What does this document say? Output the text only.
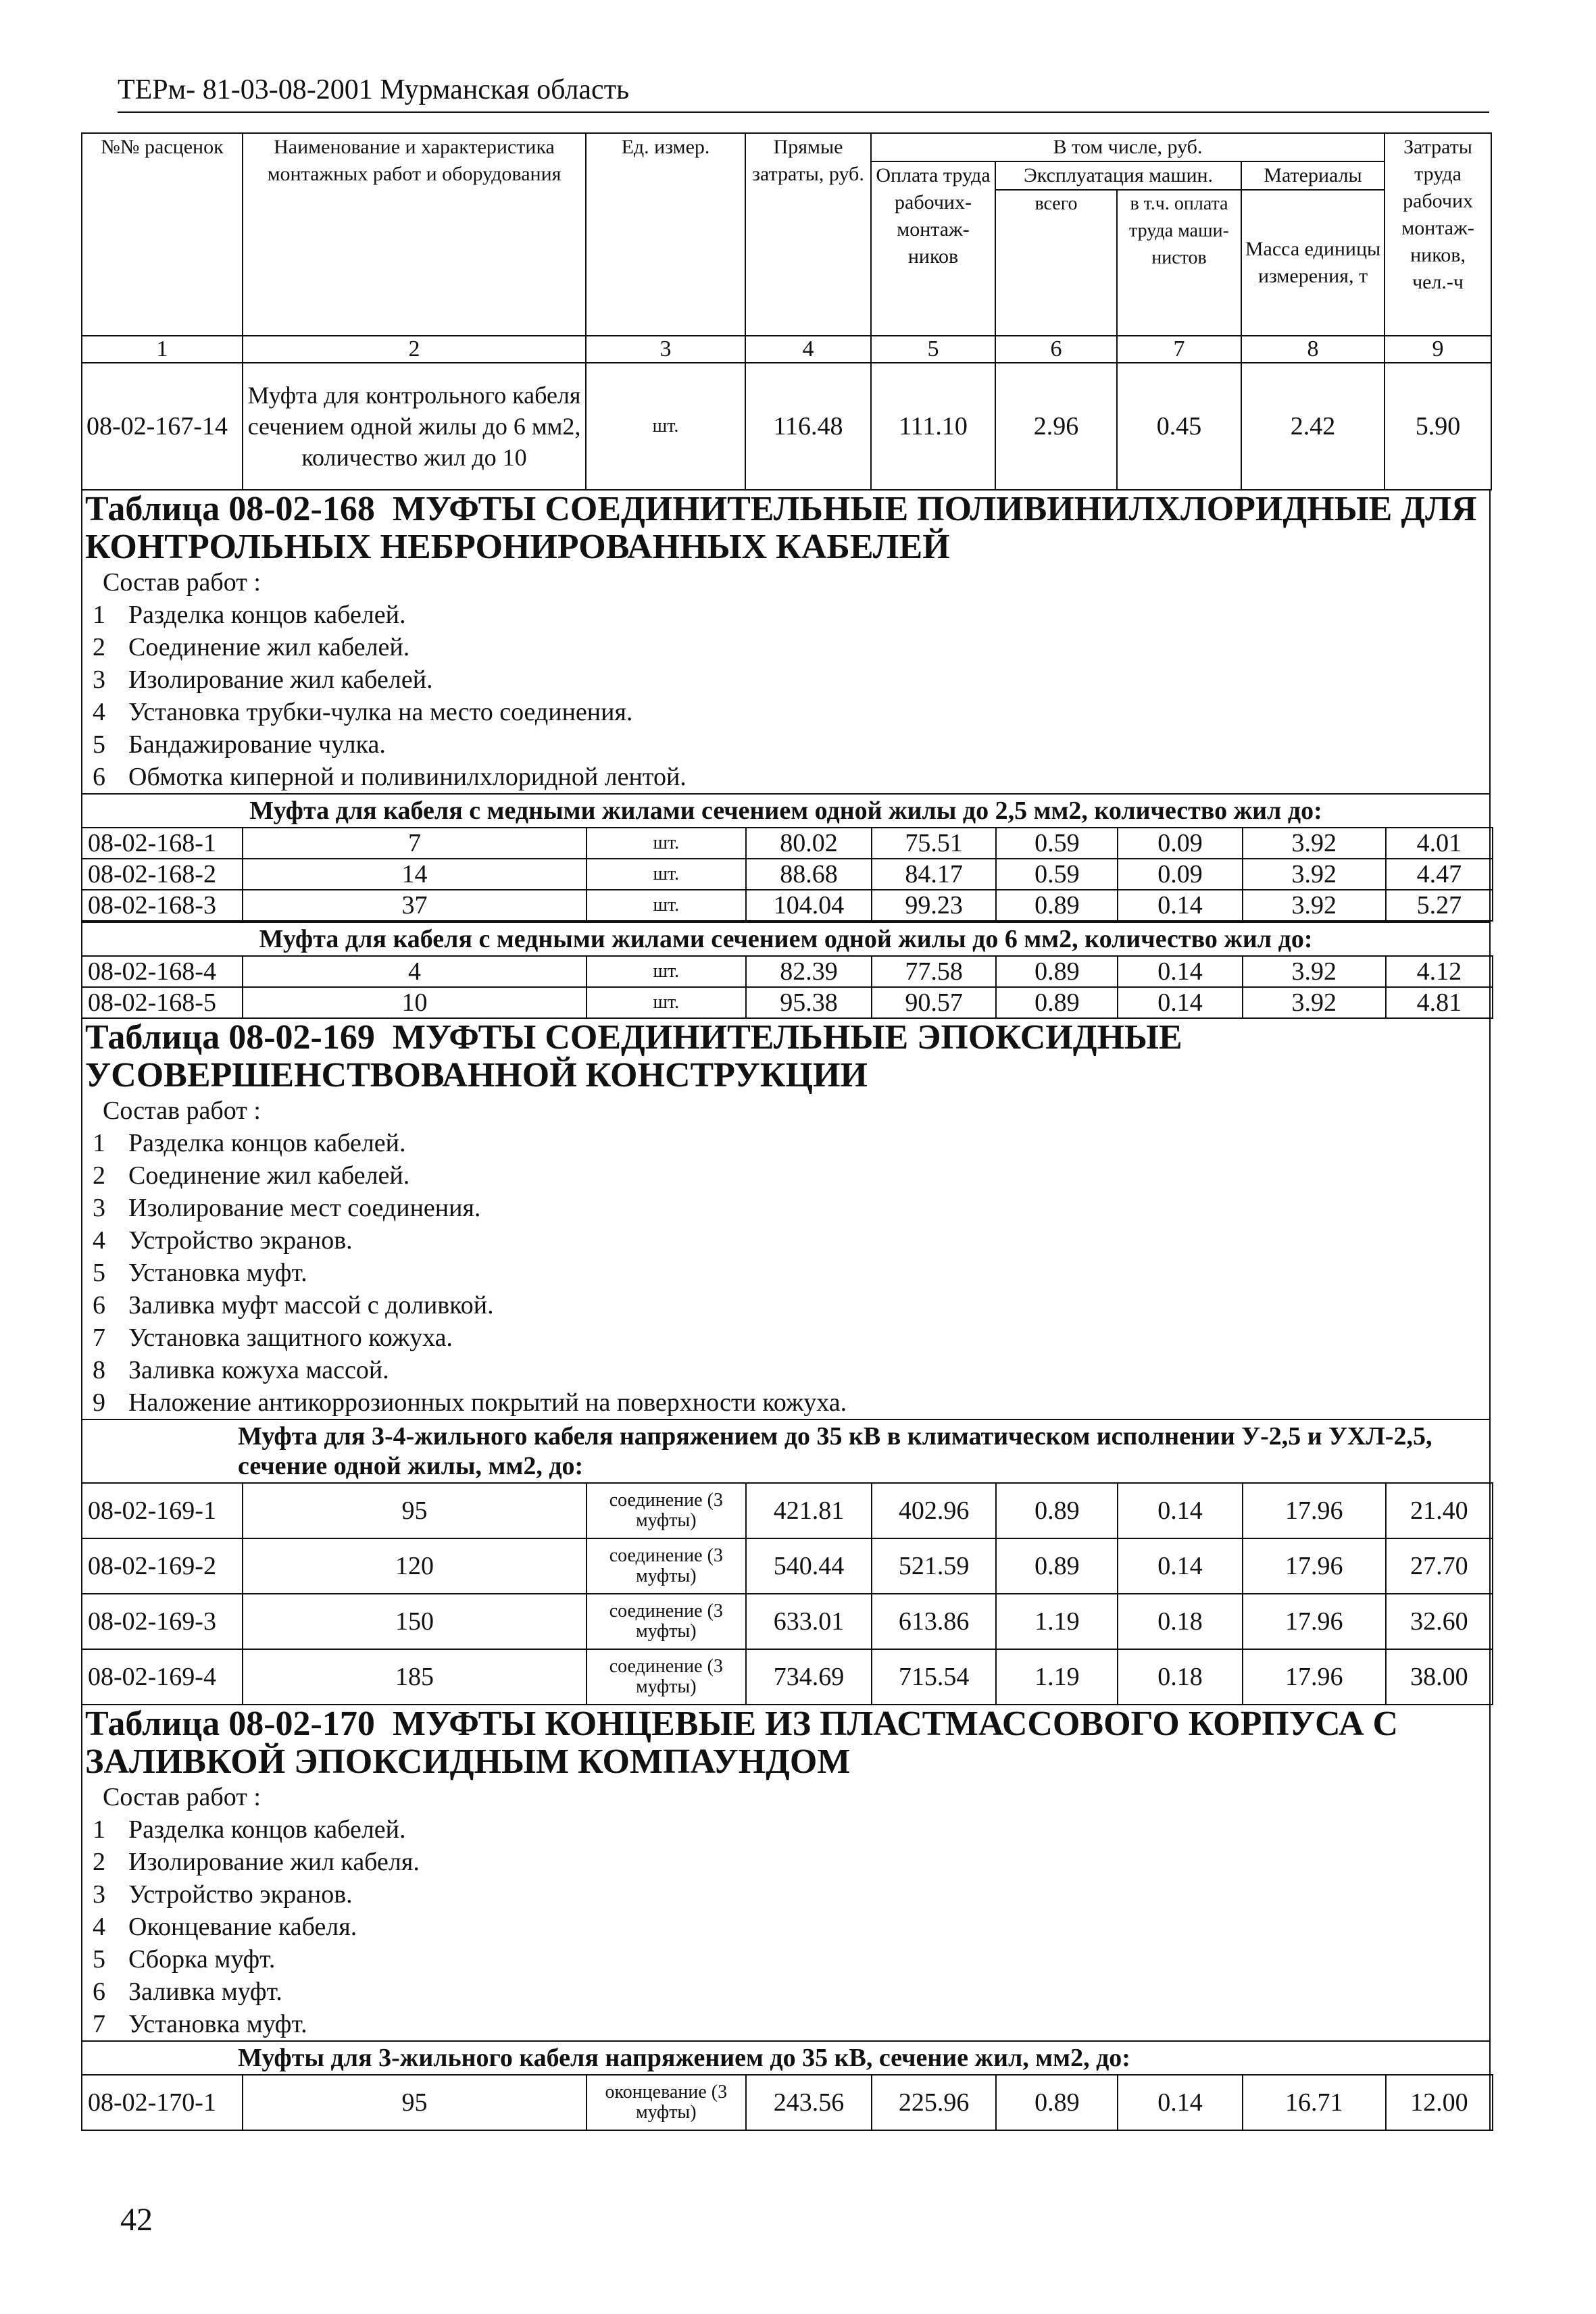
ТЕРм- 81-03-08-2001 Мурманская область
№№ расценок	Наименование и характеристика монтажных работ и оборудования	Ед. измер.	Прямые затраты, руб.	В том числе, руб.				Затраты труда рабочих монтаж-ников, чел.-ч
				Оплата труда рабочих-монтаж-ников	Эксплуатация машин.		Материалы	
					всего	в т.ч. оплата труда маши-нистов	Масса единицы измерения, т	
1	2	3	4	5	6	7	8	9
08-02-167-14	Муфта для контрольного кабеля сечением одной жилы до 6 мм2, количество жил до 10	шт.	116.48	111.10	2.96	0.45	2.42	5.90
Таблица 08-02-168 МУФТЫ СОЕДИНИТЕЛЬНЫЕ ПОЛИВИНИЛХЛОРИДНЫЕ ДЛЯ КОНТРОЛЬНЫХ НЕБРОНИРОВАННЫХ КАБЕЛЕЙ
Состав работ :
1 Разделка концов кабелей.
2 Соединение жил кабелей.
3 Изолирование жил кабелей.
4 Установка трубки-чулка на место соединения.
5 Бандажирование чулка.
6 Обмотка киперной и поливинилхлоридной лентой.
Муфта для кабеля с медными жилами сечением одной жилы до 2,5 мм2, количество жил до:
08-02-168-1	7	шт.	80.02	75.51	0.59	0.09	3.92	4.01
08-02-168-2	14	шт.	88.68	84.17	0.59	0.09	3.92	4.47
08-02-168-3	37	шт.	104.04	99.23	0.89	0.14	3.92	5.27
Муфта для кабеля с медными жилами сечением одной жилы до 6 мм2, количество жил до:
08-02-168-4	4	шт.	82.39	77.58	0.89	0.14	3.92	4.12
08-02-168-5	10	шт.	95.38	90.57	0.89	0.14	3.92	4.81
Таблица 08-02-169 МУФТЫ СОЕДИНИТЕЛЬНЫЕ ЭПОКСИДНЫЕ УСОВЕРШЕНСТВОВАННОЙ КОНСТРУКЦИИ
Состав работ :
1 Разделка концов кабелей.
2 Соединение жил кабелей.
3 Изолирование мест соединения.
4 Устройство экранов.
5 Установка муфт.
6 Заливка муфт массой с доливкой.
7 Установка защитного кожуха.
8 Заливка кожуха массой.
9 Наложение антикоррозионных покрытий на поверхности кожуха.
Муфта для 3-4-жильного кабеля напряжением до 35 кВ в климатическом исполнении У-2,5 и УХЛ-2,5, сечение одной жилы, мм2, до:
08-02-169-1	95	соединение (3 муфты)	421.81	402.96	0.89	0.14	17.96	21.40
08-02-169-2	120	соединение (3 муфты)	540.44	521.59	0.89	0.14	17.96	27.70
08-02-169-3	150	соединение (3 муфты)	633.01	613.86	1.19	0.18	17.96	32.60
08-02-169-4	185	соединение (3 муфты)	734.69	715.54	1.19	0.18	17.96	38.00
Таблица 08-02-170 МУФТЫ КОНЦЕВЫЕ ИЗ ПЛАСТМАССОВОГО КОРПУСА С ЗАЛИВКОЙ ЭПОКСИДНЫМ КОМПАУНДОМ
Состав работ :
1 Разделка концов кабелей.
2 Изолирование жил кабеля.
3 Устройство экранов.
4 Оконцевание кабеля.
5 Сборка муфт.
6 Заливка муфт.
7 Установка муфт.
Муфты для 3-жильного кабеля напряжением до 35 кВ, сечение жил, мм2, до:
08-02-170-1	95	оконцевание (3 муфты)	243.56	225.96	0.89	0.14	16.71	12.00
42
